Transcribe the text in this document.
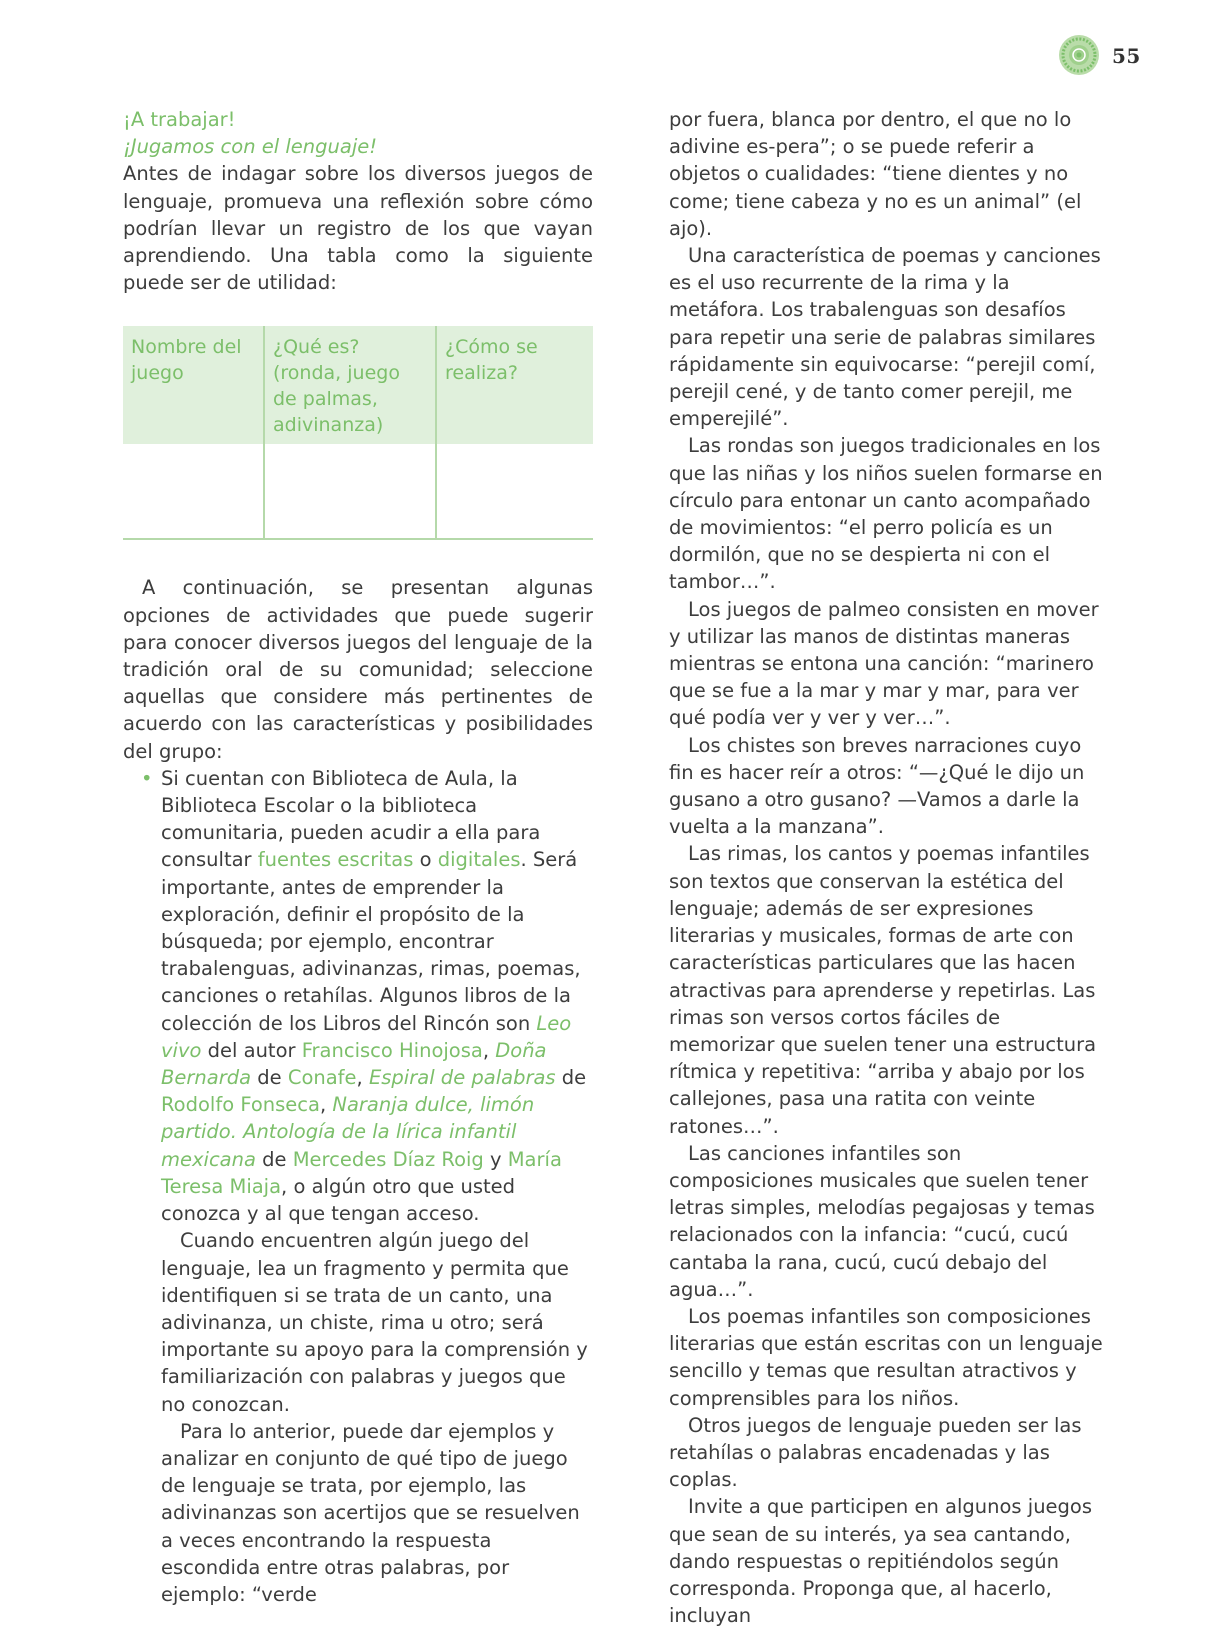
55

¡A trabajar!

¡Jugamos con el lenguaje!

Antes de indagar sobre los diversos juegos de lenguaje, promueva una reflexión sobre cómo podrían llevar un registro de los que vayan aprendiendo. Una tabla como la siguiente puede ser de utilidad:

Nombre del juego	¿Qué es? (ronda, juego de palmas, adivinanza)	¿Cómo se realiza?

A continuación, se presentan algunas opciones de actividades que puede sugerir para conocer diversos juegos del lenguaje de la tradición oral de su comunidad; seleccione aquellas que considere más pertinentes de acuerdo con las características y posibilidades del grupo:

• Si cuentan con Biblioteca de Aula, la Biblioteca Escolar o la biblioteca comunitaria, pueden acudir a ella para consultar fuentes escritas o digitales. Será importante, antes de emprender la exploración, definir el propósito de la búsqueda; por ejemplo, encontrar trabalenguas, adivinanzas, rimas, poemas, canciones o retahílas. Algunos libros de la colección de los Libros del Rincón son Leo vivo del autor Francisco Hinojosa, Doña Bernarda de Conafe, Espiral de palabras de Rodolfo Fonseca, Naranja dulce, limón partido. Antología de la lírica infantil mexicana de Mercedes Díaz Roig y María Teresa Miaja, o algún otro que usted conozca y al que tengan acceso.

Cuando encuentren algún juego del lenguaje, lea un fragmento y permita que identifiquen si se trata de un canto, una adivinanza, un chiste, rima u otro; será importante su apoyo para la comprensión y familiarización con palabras y juegos que no conozcan.

Para lo anterior, puede dar ejemplos y analizar en conjunto de qué tipo de juego de lenguaje se trata, por ejemplo, las adivinanzas son acertijos que se resuelven a veces encontrando la respuesta escondida entre otras palabras, por ejemplo: “verde

por fuera, blanca por dentro, el que no lo adivine es-pera”; o se puede referir a objetos o cualidades: “tiene dientes y no come; tiene cabeza y no es un animal” (el ajo).

Una característica de poemas y canciones es el uso recurrente de la rima y la metáfora. Los trabalenguas son desafíos para repetir una serie de palabras similares rápidamente sin equivocarse: “perejil comí, perejil cené, y de tanto comer perejil, me emperejilé”.

Las rondas son juegos tradicionales en los que las niñas y los niños suelen formarse en círculo para entonar un canto acompañado de movimientos: “el perro policía es un dormilón, que no se despierta ni con el tambor…”.

Los juegos de palmeo consisten en mover y utilizar las manos de distintas maneras mientras se entona una canción: “marinero que se fue a la mar y mar y mar, para ver qué podía ver y ver y ver…”.

Los chistes son breves narraciones cuyo fin es hacer reír a otros: “—¿Qué le dijo un gusano a otro gusano? —Vamos a darle la vuelta a la manzana”.

Las rimas, los cantos y poemas infantiles son textos que conservan la estética del lenguaje; además de ser expresiones literarias y musicales, formas de arte con características particulares que las hacen atractivas para aprenderse y repetirlas. Las rimas son versos cortos fáciles de memorizar que suelen tener una estructura rítmica y repetitiva: “arriba y abajo por los callejones, pasa una ratita con veinte ratones…”.

Las canciones infantiles son composiciones musicales que suelen tener letras simples, melodías pegajosas y temas relacionados con la infancia: “cucú, cucú cantaba la rana, cucú, cucú debajo del agua…”.

Los poemas infantiles son composiciones literarias que están escritas con un lenguaje sencillo y temas que resultan atractivos y comprensibles para los niños.

Otros juegos de lenguaje pueden ser las retahílas o palabras encadenadas y las coplas.

Invite a que participen en algunos juegos que sean de su interés, ya sea cantando, dando respuestas o repitiéndolos según corresponda. Proponga que, al hacerlo, incluyan
